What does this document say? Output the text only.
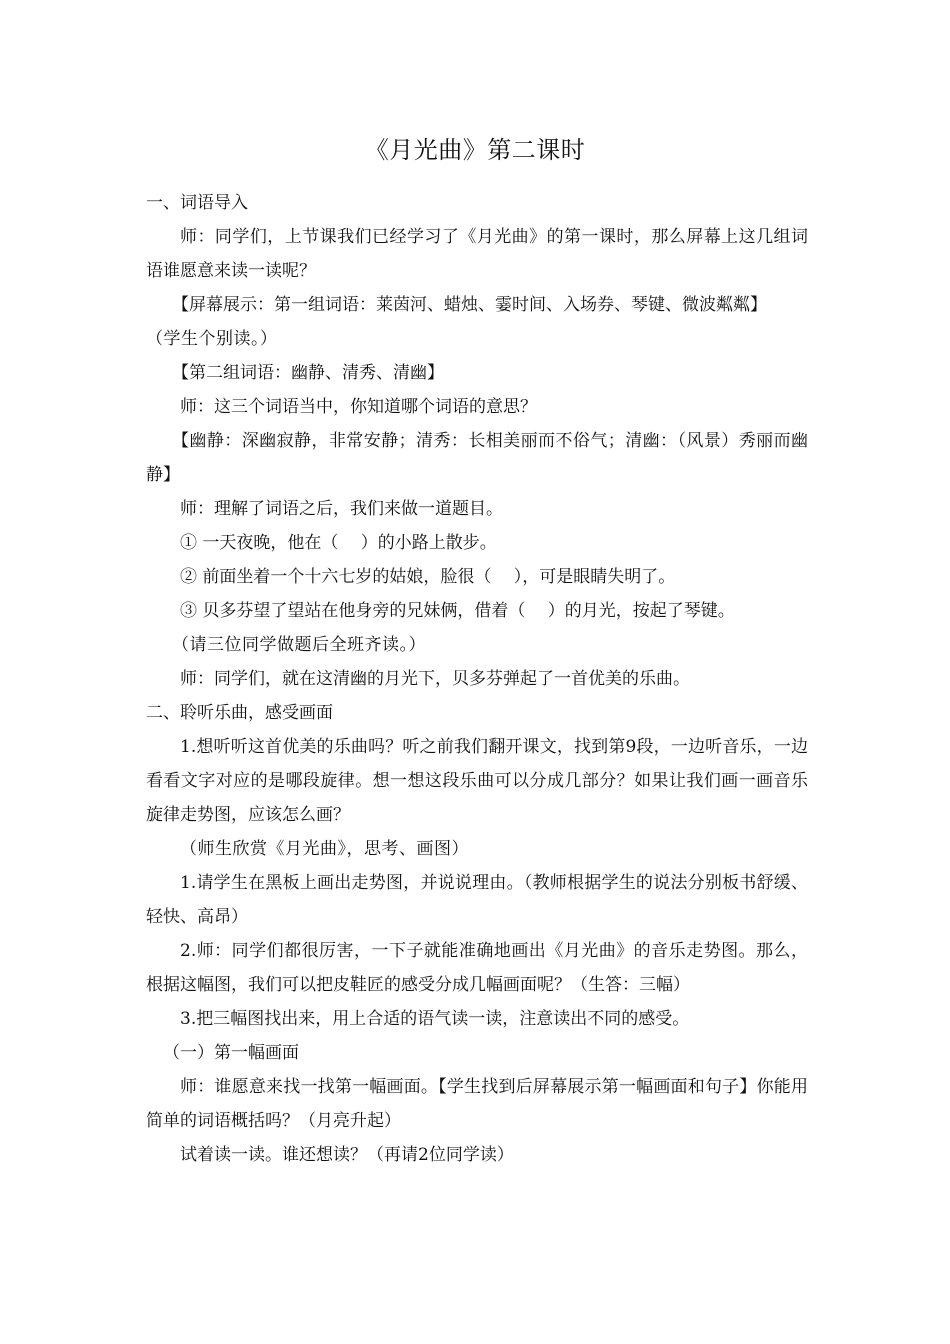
《月光曲》第二课时

一、词语导入

师：同学们，上节课我们已经学习了《月光曲》的第一课时，那么屏幕上这几组词语谁愿意来读一读呢？

【屏幕展示：第一组词语：莱茵河、蜡烛、霎时间、入场券、琴键、微波粼粼】

（学生个别读。）

【第二组词语：幽静、清秀、清幽】

师：这三个词语当中，你知道哪个词语的意思？

【幽静：深幽寂静，非常安静；清秀：长相美丽而不俗气；清幽：（风景）秀丽而幽静】

师：理解了词语之后，我们来做一道题目。

① 一天夜晚，他在（　 ）的小路上散步。

② 前面坐着一个十六七岁的姑娘，脸很（　 ），可是眼睛失明了。

③ 贝多芬望了望站在他身旁的兄妹俩，借着（　 ）的月光，按起了琴键。

（请三位同学做题后全班齐读。）

师：同学们，就在这清幽的月光下，贝多芬弹起了一首优美的乐曲。

二、聆听乐曲，感受画面

1.想听听这首优美的乐曲吗？听之前我们翻开课文，找到第9段，一边听音乐，一边看看文字对应的是哪段旋律。想一想这段乐曲可以分成几部分？如果让我们画一画音乐旋律走势图，应该怎么画？

（师生欣赏《月光曲》，思考、画图）

1.请学生在黑板上画出走势图，并说说理由。（教师根据学生的说法分别板书舒缓、轻快、高昂）

2.师：同学们都很厉害，一下子就能准确地画出《月光曲》的音乐走势图。那么，根据这幅图，我们可以把皮鞋匠的感受分成几幅画面呢？（生答：三幅）

3.把三幅图找出来，用上合适的语气读一读，注意读出不同的感受。

（一）第一幅画面

师：谁愿意来找一找第一幅画面。【学生找到后屏幕展示第一幅画面和句子】你能用简单的词语概括吗？（月亮升起）

试着读一读。谁还想读？（再请2位同学读）
